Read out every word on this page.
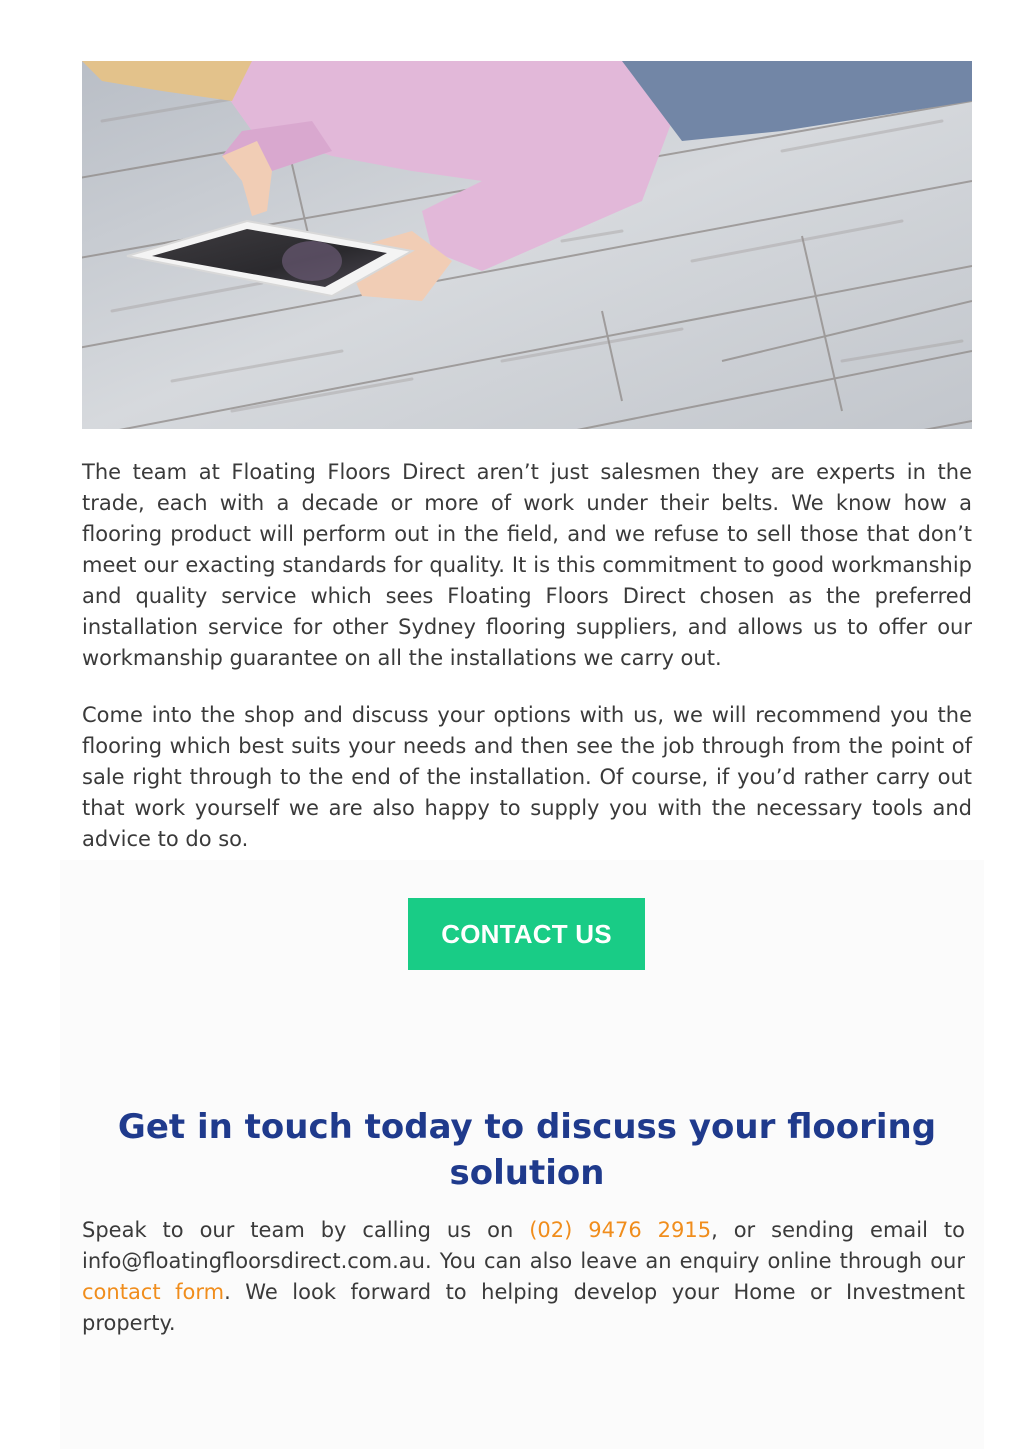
The team at Floating Floors Direct aren’t just salesmen they are experts in the trade, each with a decade or more of work under their belts. We know how a flooring product will perform out in the field, and we refuse to sell those that don’t meet our exacting standards for quality. It is this commitment to good workmanship and quality service which sees Floating Floors Direct chosen as the preferred installation service for other Sydney flooring suppliers, and allows us to offer our workmanship guarantee on all the installations we carry out.

Come into the shop and discuss your options with us, we will recommend you the flooring which best suits your needs and then see the job through from the point of sale right through to the end of the installation. Of course, if you’d rather carry out that work yourself we are also happy to supply you with the necessary tools and advice to do so.

CONTACT US
Get in touch today to discuss your flooring solution

Speak to our team by calling us on (02) 9476 2915, or sending email to info@floatingfloorsdirect.com.au. You can also leave an enquiry online through our contact form. We look forward to helping develop your Home or Investment property.
